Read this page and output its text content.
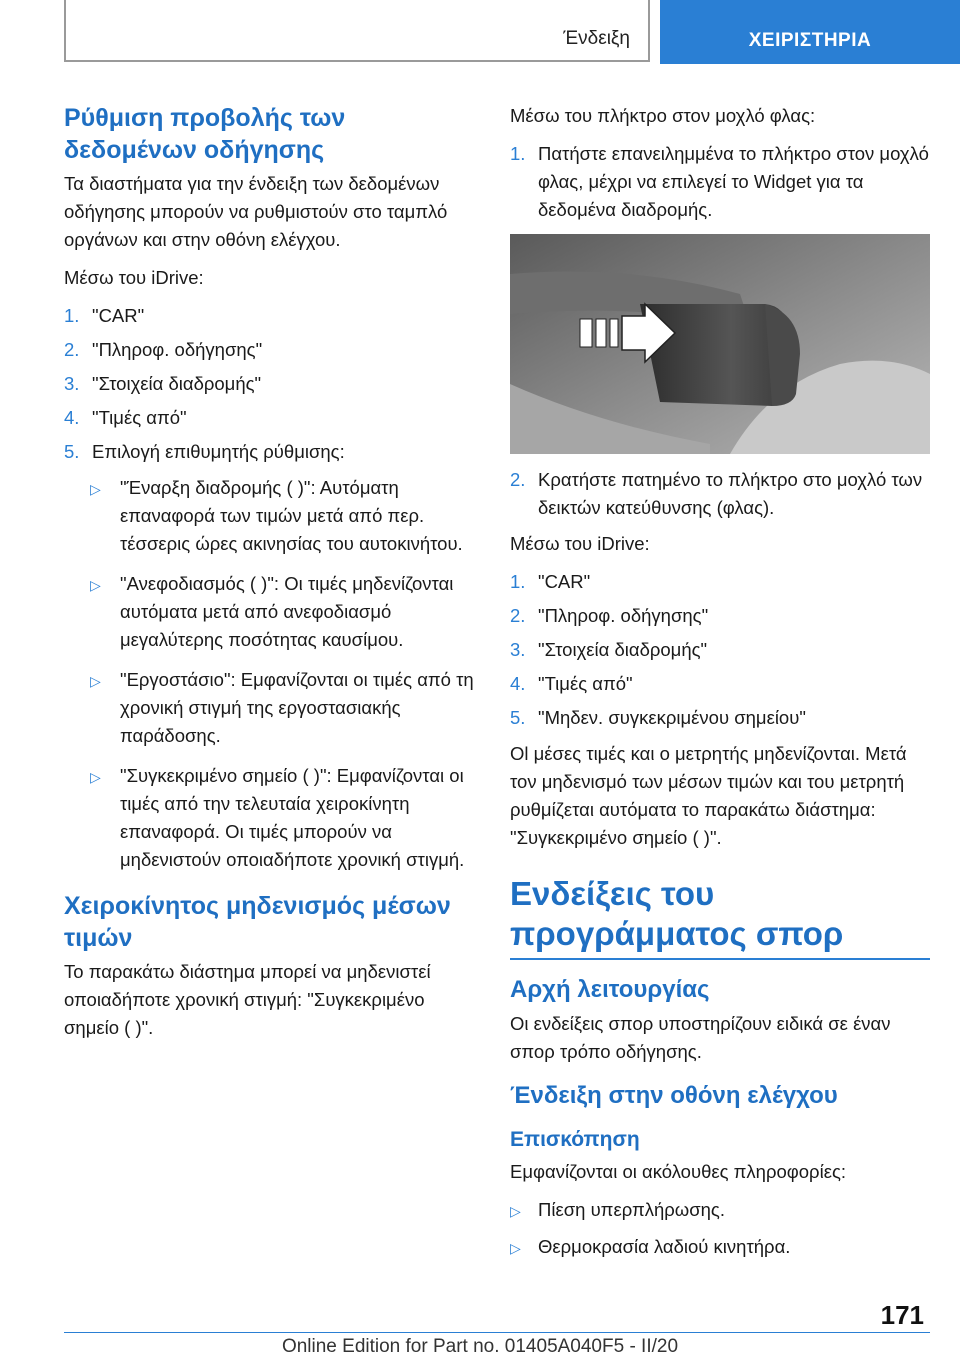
Ένδειξη	ΧΕΙΡΙΣΤΗΡΙΑ
Ρύθμιση προβολής των δεδομένων οδήγησης

Τα διαστήματα για την ένδειξη των δεδομένων οδήγησης μπορούν να ρυθμιστούν στο ταμπλό οργάνων και στην οθόνη ελέγχου.

Μέσω του iDrive:

1. "CAR"
2. "Πληροφ. οδήγησης"
3. "Στοιχεία διαδρομής"
4. "Τιμές από"
5. Επιλογή επιθυμητής ρύθμισης:
▷	"Έναρξη διαδρομής ( )": Αυτόματη επαναφορά των τιμών μετά από περ. τέσσερις ώρες ακινησίας του αυτοκινήτου.
▷	"Ανεφοδιασμός ( )": Οι τιμές μηδενίζονται αυτόματα μετά από ανεφοδιασμό μεγαλύτερης ποσότητας καυσίμου.
▷	"Εργοστάσιο": Εμφανίζονται οι τιμές από τη χρονική στιγμή της εργοστασιακής παράδοσης.
▷	"Συγκεκριμένο σημείο ( )": Εμφανίζονται οι τιμές από την τελευταία χειροκίνητη επαναφορά. Οι τιμές μπορούν να μηδενιστούν οποιαδήποτε χρονική στιγμή.
Χειροκίνητος μηδενισμός μέσων τιμών

Το παρακάτω διάστημα μπορεί να μηδενιστεί οποιαδήποτε χρονική στιγμή: "Συγκεκριμένο σημείο ( )".

Μέσω του πλήκτρο στον μοχλό φλας:

1. Πατήστε επανειλημμένα το πλήκτρο στον μοχλό φλας, μέχρι να επιλεγεί το Widget για τα δεδομένα διαδρομής.
2. Κρατήστε πατημένο το πλήκτρο στο μοχλό των δεικτών κατεύθυνσης (φλας).

Μέσω του iDrive:

1. "CAR"
2. "Πληροφ. οδήγησης"
3. "Στοιχεία διαδρομής"
4. "Τιμές από"
5. "Μηδεν. συγκεκριμένου σημείου"

Ol μέσες τιμές και ο μετρητής μηδενίζονται. Μετά τον μηδενισμό των μέσων τιμών και του μετρητή ρυθμίζεται αυτόματα το παρακάτω διάστημα: "Συγκεκριμένο σημείο ( )".

Ενδείξεις του προγράμματος σπορ
Αρχή λειτουργίας

Οι ενδείξεις σπορ υποστηρίζουν ειδικά σε έναν σπορ τρόπο οδήγησης.

Ένδειξη στην οθόνη ελέγχου
Επισκόπηση

Εμφανίζονται οι ακόλουθες πληροφορίες:

▷ Πίεση υπερπλήρωσης.
▷ Θερμοκρασία λαδιού κινητήρα.
171
Online Edition for Part no. 01405A040F5 - II/20
